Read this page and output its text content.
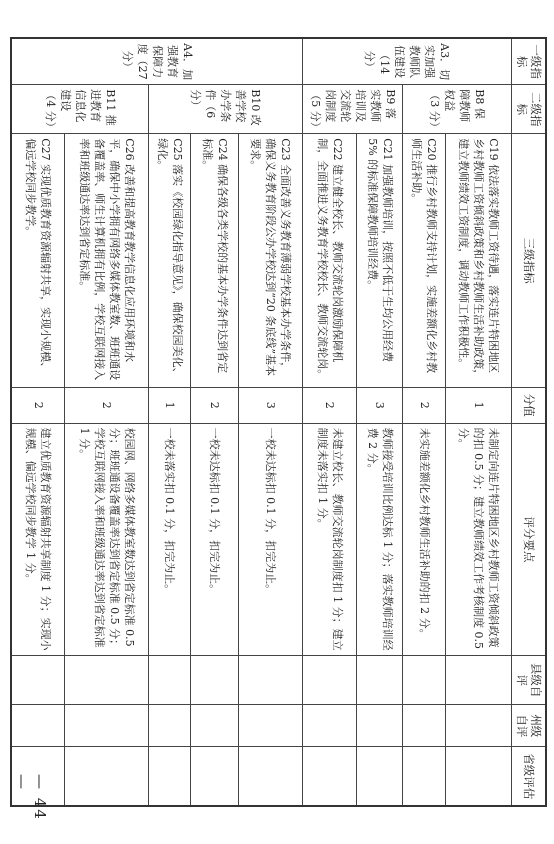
一级指标	二级指标	三级指标	分值	评分要点	县级自评	州级自评	省级评估
A3．切实加强教师队伍建设（14 分）	B8 保障教师权益（3 分）	C19 依法落实教师工资待遇，落实连片特困地区乡村教师工资倾斜政策和乡村教师生活补助政策，建立教师绩效工资制度，调动教师工作积极性。	1	未制定向连片特困地区乡村教师工资倾斜政策的扣 0.5 分；建立教师绩效工作考核制度 0.5 分。			
		C20 推行乡村教师支持计划，实施差额化乡村教师生活补助。	2	未实施差额化乡村教师生活补助的扣 2 分。			
	B9 落实教师培训及交流轮岗制度（5 分）	C21 加强教师培训，按照不低于生均公用经费 5% 的标准保障教师培训经费。	3	教师接受培训比例达标 1 分；落实教师培训经费 2 分。			
		C22 建立健全校长、教师交流轮岗激励保障机制，全面推进义务教育学校校长、教师交流轮岗。	2	未建立校长、教师交流轮岗制度扣 1 分；建立制度未落实扣 1 分。			
A4．加强教育保障力度（27 分）	B10 改善学校办学条件（6 分）	C23 全面改善义务教育薄弱学校基本办学条件，确保义务教育阶段公办学校达到“20 条底线”基本要求。	3	一校未达标扣 0.1 分，扣完为止。			
		C24 确保各级各类学校的基本办学条件达到省定标准。	2	一校未达标扣 0.1 分，扣完为止。			
		C25 落实《校园绿化指导意见》，确保校园美化、绿化。	1	一校未落实扣 0.1 分，扣完为止。			
	B11 推进教育信息化建设（4 分）	C26 改善和提高教育教学信息化应用环境和水平，确保中小学拥有网络多媒体教室数、班班通设备覆盖率、师生计算机拥有比例，学校互联网接入率和班级通达率达到省定标准。	2	校园网、网络多媒体教室数达到省定标准 0.5 分；班班通设备覆盖率达到省定标准 0.5 分；学校互联网接入率和班级通达率达到省定标准 1 分。			
		C27 实现优质教育资源辐射共享，实现小规模、偏远学校同步教学。	2	建立优质教育资源辐射共享制度 1 分；实现小规模、偏远学校同步教学 1 分。			
— 44 —
